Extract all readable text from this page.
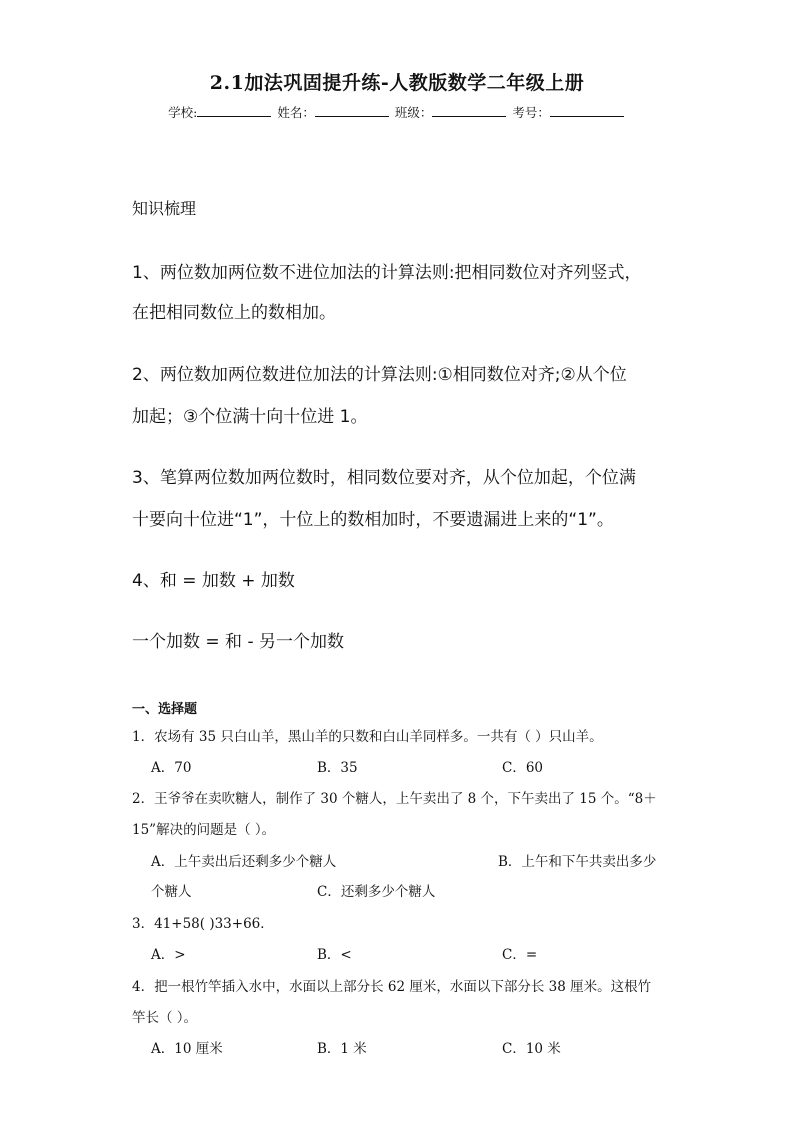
2.1加法巩固提升练-人教版数学二年级上册
学校:	姓名：	班级：	考号：
知识梳理
1、两位数加两位数不进位加法的计算法则:把相同数位对齐列竖式，
在把相同数位上的数相加。
2、两位数加两位数进位加法的计算法则:①相同数位对齐;②从个位
加起；③个位满十向十位进 1。
3、笔算两位数加两位数时，相同数位要对齐，从个位加起，个位满
十要向十位进“1”，十位上的数相加时，不要遗漏进上来的“1”。
4、和 = 加数 + 加数
一个加数 = 和 - 另一个加数
一、选择题
1．农场有 35 只白山羊，黑山羊的只数和白山羊同样多。一共有（ ）只山羊。
A．70	B．35	C．60
2．王爷爷在卖吹糖人，制作了 30 个糖人，上午卖出了 8 个，下午卖出了 15 个。“8＋
15”解决的问题是（ ）。
A．上午卖出后还剩多少个糖人	B．上午和下午共卖出多少
个糖人	C．还剩多少个糖人
3．41+58( )33+66．
A．>	B．<	C．=
4．把一根竹竿插入水中，水面以上部分长 62 厘米，水面以下部分长 38 厘米。这根竹
竿长（ ）。
A．10 厘米	B．1 米	C．10 米
